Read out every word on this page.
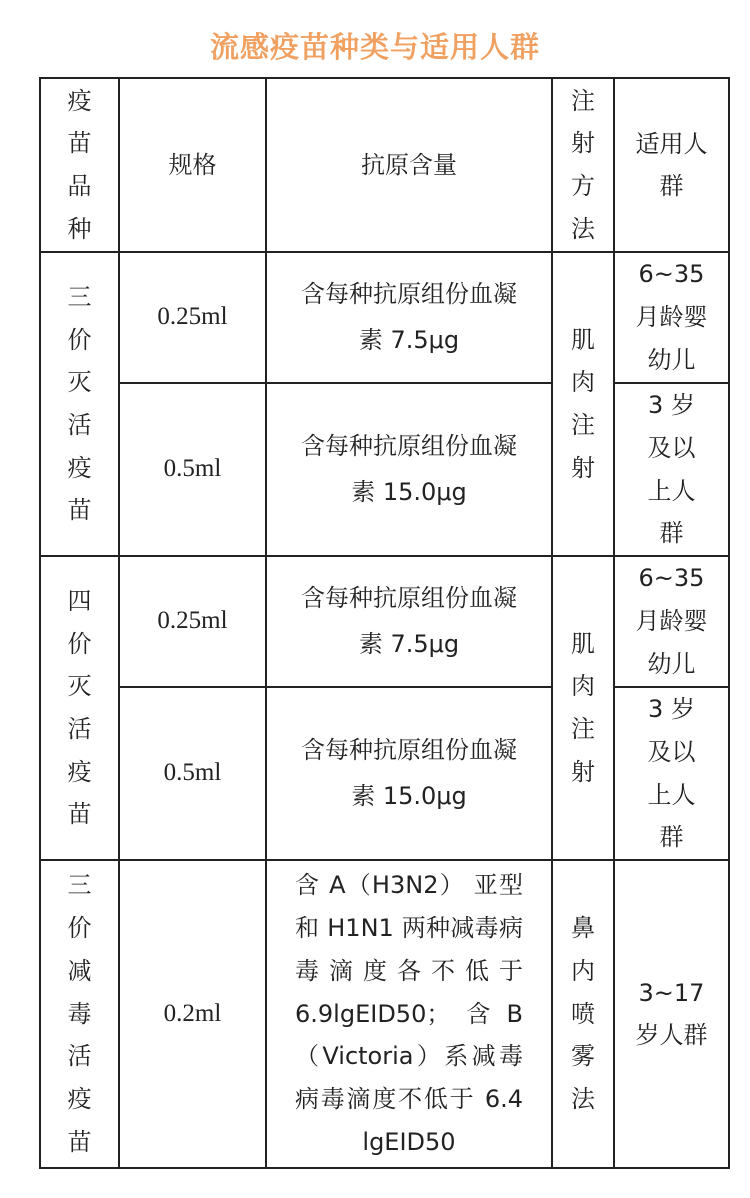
流感疫苗种类与适用人群
疫苗品种	规格	抗原含量	注射方法	适用人群

三价灭活疫苗	0.25ml	含每种抗原组份血凝素 7.5μg	肌肉注射	6~35月龄婴幼儿

	0.5ml	含每种抗原组份血凝素 15.0μg		3 岁及以上人群

四价灭活疫苗	0.25ml	含每种抗原组份血凝素 7.5μg	肌肉注射	6~35月龄婴幼儿

	0.5ml	含每种抗原组份血凝素 15.0μg		3 岁及以上人群

三价减毒活疫苗	0.2ml	含 A（H3N2） 亚型和 H1N1 两种减毒病毒滴度各不低于 6.9lgEID50；含B（Victoria）系减毒病毒滴度不低于 6.4 lgEID50	鼻内喷雾法	3~17岁人群
